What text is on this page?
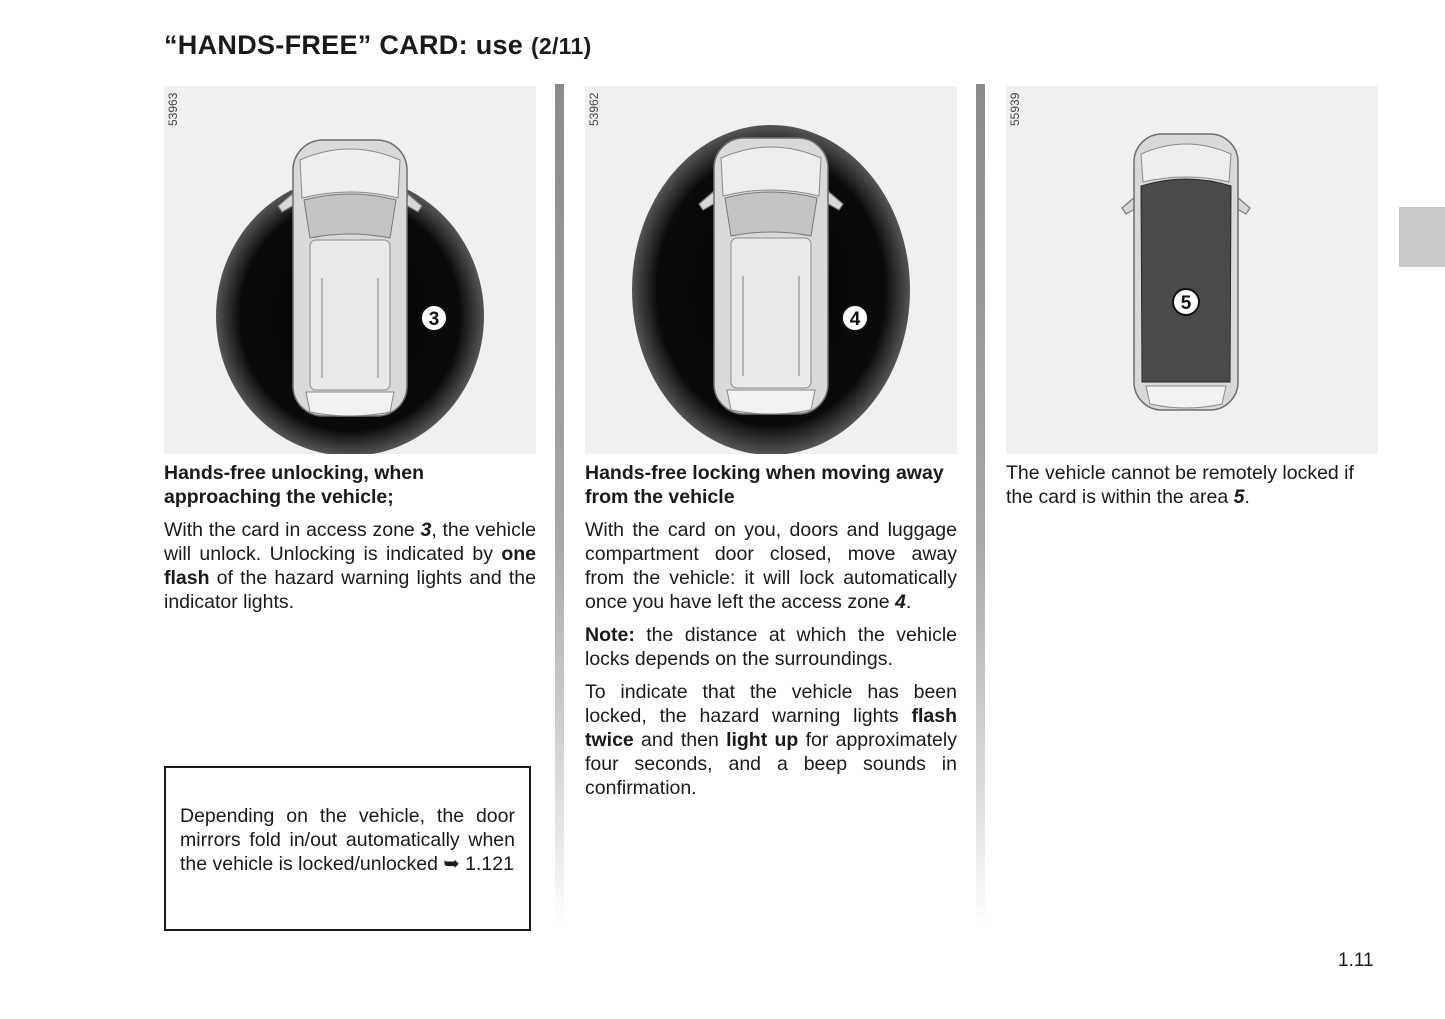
“HANDS-FREE” CARD: use (2/11)
53963
3
53962
4
55939
5

Hands-free unlocking, when approaching the vehicle;

With the card in access zone 3, the vehicle will unlock. Unlocking is indicated by one flash of the hazard warning lights and the indicator lights.

Depending on the vehicle, the door mirrors fold in/out automatically when the vehicle is locked/unlocked ➥ 1.121

Hands-free locking when moving away from the vehicle

With the card on you, doors and luggage compartment door closed, move away from the vehicle: it will lock automatically once you have left the access zone 4.

Note: the distance at which the vehicle locks depends on the surroundings.

To indicate that the vehicle has been locked, the hazard warning lights flash twice and then light up for approximately four seconds, and a beep sounds in confirmation.

The vehicle cannot be remotely locked if the card is within the area 5.

1.11
